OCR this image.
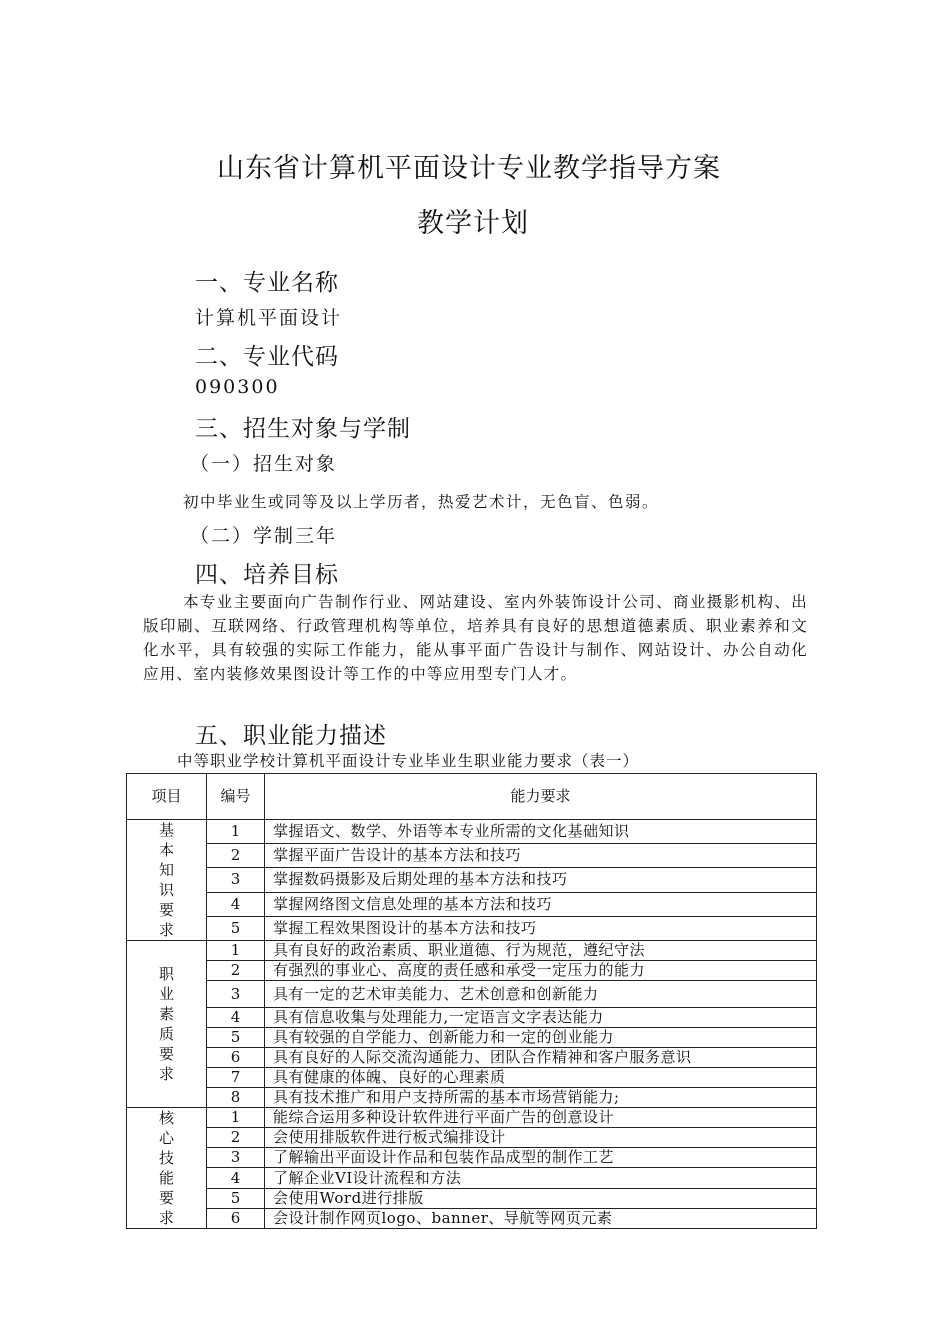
山东省计算机平面设计专业教学指导方案
教学计划
一、专业名称
计算机平面设计
二、专业代码
090300
三、招生对象与学制
（一）招生对象
初中毕业生或同等及以上学历者，热爱艺术计，无色盲、色弱。
（二）学制三年
四、培养目标
本专业主要面向广告制作行业、网站建设、室内外装饰设计公司、商业摄影机构、出版印刷、互联网络、行政管理机构等单位，培养具有良好的思想道德素质、职业素养和文化水平，具有较强的实际工作能力，能从事平面广告设计与制作、网站设计、办公自动化应用、室内装修效果图设计等工作的中等应用型专门人才。
五、职业能力描述
中等职业学校计算机平面设计专业毕业生职业能力要求（表一）
项目	编号	能力要求
基本知识要求	1	掌握语文、数学、外语等本专业所需的文化基础知识
	2	掌握平面广告设计的基本方法和技巧
	3	掌握数码摄影及后期处理的基本方法和技巧
	4	掌握网络图文信息处理的基本方法和技巧
	5	掌握工程效果图设计的基本方法和技巧
职业素质要求	1	具有良好的政治素质、职业道德、行为规范，遵纪守法
	2	有强烈的事业心、高度的责任感和承受一定压力的能力
	3	具有一定的艺术审美能力、艺术创意和创新能力
	4	具有信息收集与处理能力,一定语言文字表达能力
	5	具有较强的自学能力、创新能力和一定的创业能力
	6	具有良好的人际交流沟通能力、团队合作精神和客户服务意识
	7	具有健康的体魄、良好的心理素质
	8	具有技术推广和用户支持所需的基本市场营销能力;
核心技能要求	1	能综合运用多种设计软件进行平面广告的创意设计
	2	会使用排版软件进行板式编排设计
	3	了解输出平面设计作品和包装作品成型的制作工艺
	4	了解企业VI设计流程和方法
	5	会使用Word进行排版
	6	会设计制作网页logo、banner、导航等网页元素
